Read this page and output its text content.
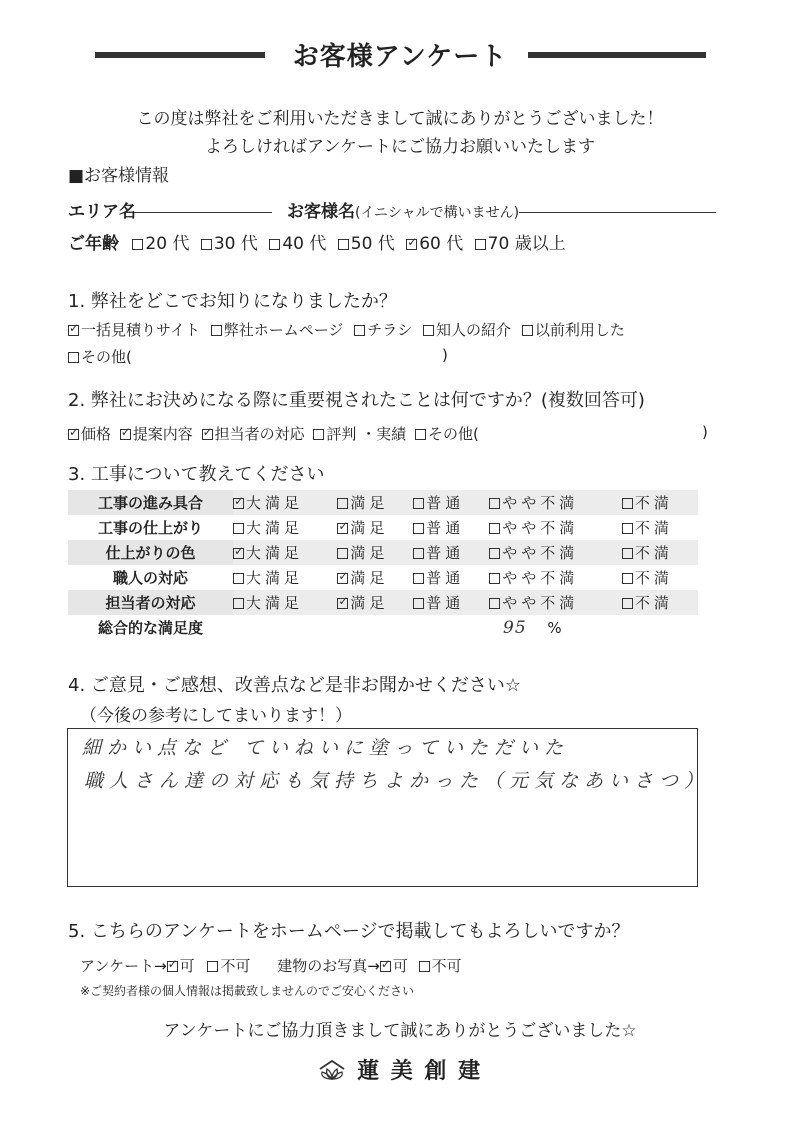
お客様アンケート
この度は弊社をご利用いただきまして誠にありがとうございました！
よろしければアンケートにご協力お願いいたします
■お客様情報
エリア名	お客様名(イニシャルで構いません)
ご年齢 20 代 30 代 40 代 50 代 ✓ 60 代 70 歳以上
1. 弊社をどこでお知りになりましたか？
✓一括見積りサイト 弊社ホームページ チラシ 知人の紹介 以前利用した
その他(	)
2. 弊社にお決めになる際に重要視されたことは何ですか？(複数回答可)
✓価格 ✓ 提案内容 ✓ 担当者の対応 評判 ・実績 その他(	)
3. 工事について教えてください
工事の進み具合	✓大満足	満足	普通	やや不満	不満
工事の仕上がり	大満足	✓満足	普通	やや不満	不満
仕上がりの色	✓大満足	満足	普通	やや不満	不満
職人の対応	大満足	✓満足	普通	やや不満	不満
担当者の対応	大満足	✓満足	普通	やや不満	不満
総合的な満足度	95 %				
4. ご意見・ご感想、改善点など是非お聞かせください☆
（今後の参考にしてまいります！）
細かい点など ていねいに塗っていただいた
職人さん達の対応も気持ちよかった（元気なあいさつ）
5. こちらのアンケートをホームページで掲載してもよろしいですか？
アンケート→ ✓ 可 不可 建物のお写真→ ✓ 可 不可
※ご契約者様の個人情報は掲載致しませんのでご安心ください
アンケートにご協力頂きまして誠にありがとうございました☆
蓮 美 創 建
